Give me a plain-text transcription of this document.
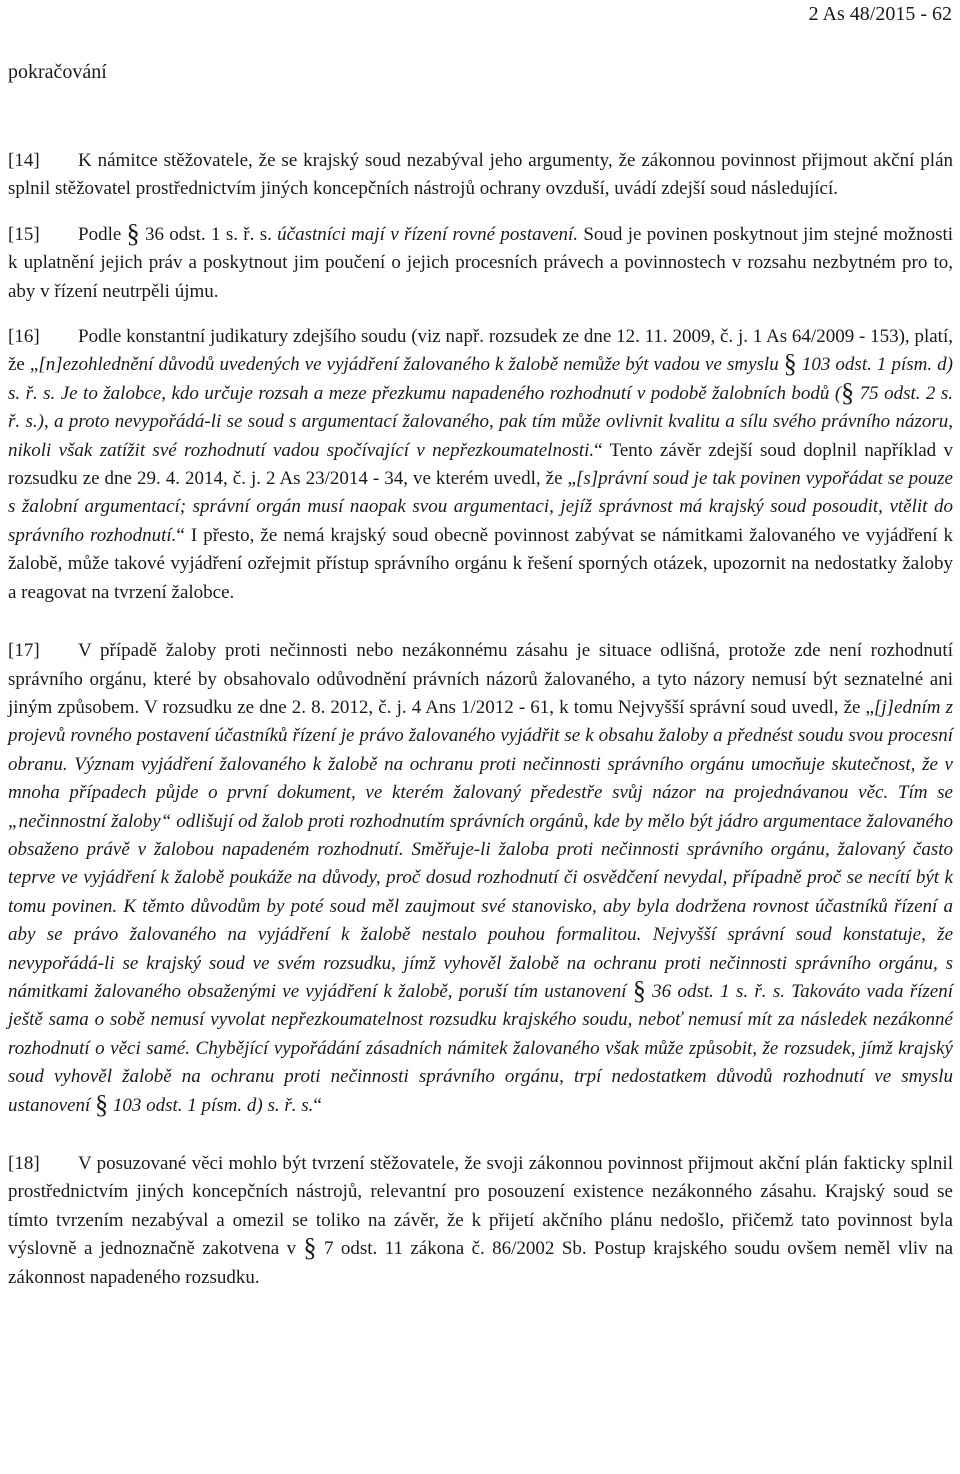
2 As 48/2015 - 62
pokračování

[14] K námitce stěžovatele, že se krajský soud nezabýval jeho argumenty, že zákonnou povinnost přijmout akční plán splnil stěžovatel prostřednictvím jiných koncepčních nástrojů ochrany ovzduší, uvádí zdejší soud následující.

[15] Podle § 36 odst. 1 s. ř. s. účastníci mají v řízení rovné postavení. Soud je povinen poskytnout jim stejné možnosti k uplatnění jejich práv a poskytnout jim poučení o jejich procesních právech a povinnostech v rozsahu nezbytném pro to, aby v řízení neutrpěli újmu.

[16] Podle konstantní judikatury zdejšího soudu (viz např. rozsudek ze dne 12. 11. 2009, č. j. 1 As 64/2009 - 153), platí, že „[n]ezohlednění důvodů uvedených ve vyjádření žalovaného k žalobě nemůže být vadou ve smyslu § 103 odst. 1 písm. d) s. ř. s. Je to žalobce, kdo určuje rozsah a meze přezkumu napadeného rozhodnutí v podobě žalobních bodů (§ 75 odst. 2 s. ř. s.), a proto nevypořádá-li se soud s argumentací žalovaného, pak tím může ovlivnit kvalitu a sílu svého právního názoru, nikoli však zatížit své rozhodnutí vadou spočívající v nepřezkoumatelnosti.“ Tento závěr zdejší soud doplnil například v rozsudku ze dne 29. 4. 2014, č. j. 2 As 23/2014 - 34, ve kterém uvedl, že „[s]právní soud je tak povinen vypořádat se pouze s žalobní argumentací; správní orgán musí naopak svou argumentaci, jejíž správnost má krajský soud posoudit, vtělit do správního rozhodnutí.“ I přesto, že nemá krajský soud obecně povinnost zabývat se námitkami žalovaného ve vyjádření k žalobě, může takové vyjádření ozřejmit přístup správního orgánu k řešení sporných otázek, upozornit na nedostatky žaloby a reagovat na tvrzení žalobce.

[17] V případě žaloby proti nečinnosti nebo nezákonnému zásahu je situace odlišná, protože zde není rozhodnutí správního orgánu, které by obsahovalo odůvodnění právních názorů žalovaného, a tyto názory nemusí být seznatelné ani jiným způsobem. V rozsudku ze dne 2. 8. 2012, č. j. 4 Ans 1/2012 - 61, k tomu Nejvyšší správní soud uvedl, že „[j]edním z projevů rovného postavení účastníků řízení je právo žalovaného vyjádřit se k obsahu žaloby a přednést soudu svou procesní obranu. Význam vyjádření žalovaného k žalobě na ochranu proti nečinnosti správního orgánu umocňuje skutečnost, že v mnoha případech půjde o první dokument, ve kterém žalovaný předestře svůj názor na projednávanou věc. Tím se „nečinnostní žaloby“ odlišují od žalob proti rozhodnutím správních orgánů, kde by mělo být jádro argumentace žalovaného obsaženo právě v žalobou napadeném rozhodnutí. Směřuje-li žaloba proti nečinnosti správního orgánu, žalovaný často teprve ve vyjádření k žalobě poukáže na důvody, proč dosud rozhodnutí či osvědčení nevydal, případně proč se necítí být k tomu povinen. K těmto důvodům by poté soud měl zaujmout své stanovisko, aby byla dodržena rovnost účastníků řízení a aby se právo žalovaného na vyjádření k žalobě nestalo pouhou formalitou. Nejvyšší správní soud konstatuje, že nevypořádá-li se krajský soud ve svém rozsudku, jímž vyhověl žalobě na ochranu proti nečinnosti správního orgánu, s námitkami žalovaného obsaženými ve vyjádření k žalobě, poruší tím ustanovení § 36 odst. 1 s. ř. s. Takováto vada řízení ještě sama o sobě nemusí vyvolat nepřezkoumatelnost rozsudku krajského soudu, neboť nemusí mít za následek nezákonné rozhodnutí o věci samé. Chybějící vypořádání zásadních námitek žalovaného však může způsobit, že rozsudek, jímž krajský soud vyhověl žalobě na ochranu proti nečinnosti správního orgánu, trpí nedostatkem důvodů rozhodnutí ve smyslu ustanovení § 103 odst. 1 písm. d) s. ř. s.“

[18] V posuzované věci mohlo být tvrzení stěžovatele, že svoji zákonnou povinnost přijmout akční plán fakticky splnil prostřednictvím jiných koncepčních nástrojů, relevantní pro posouzení existence nezákonného zásahu. Krajský soud se tímto tvrzením nezabýval a omezil se toliko na závěr, že k přijetí akčního plánu nedošlo, přičemž tato povinnost byla výslovně a jednoznačně zakotvena v § 7 odst. 11 zákona č. 86/2002 Sb. Postup krajského soudu ovšem neměl vliv na zákonnost napadeného rozsudku.
